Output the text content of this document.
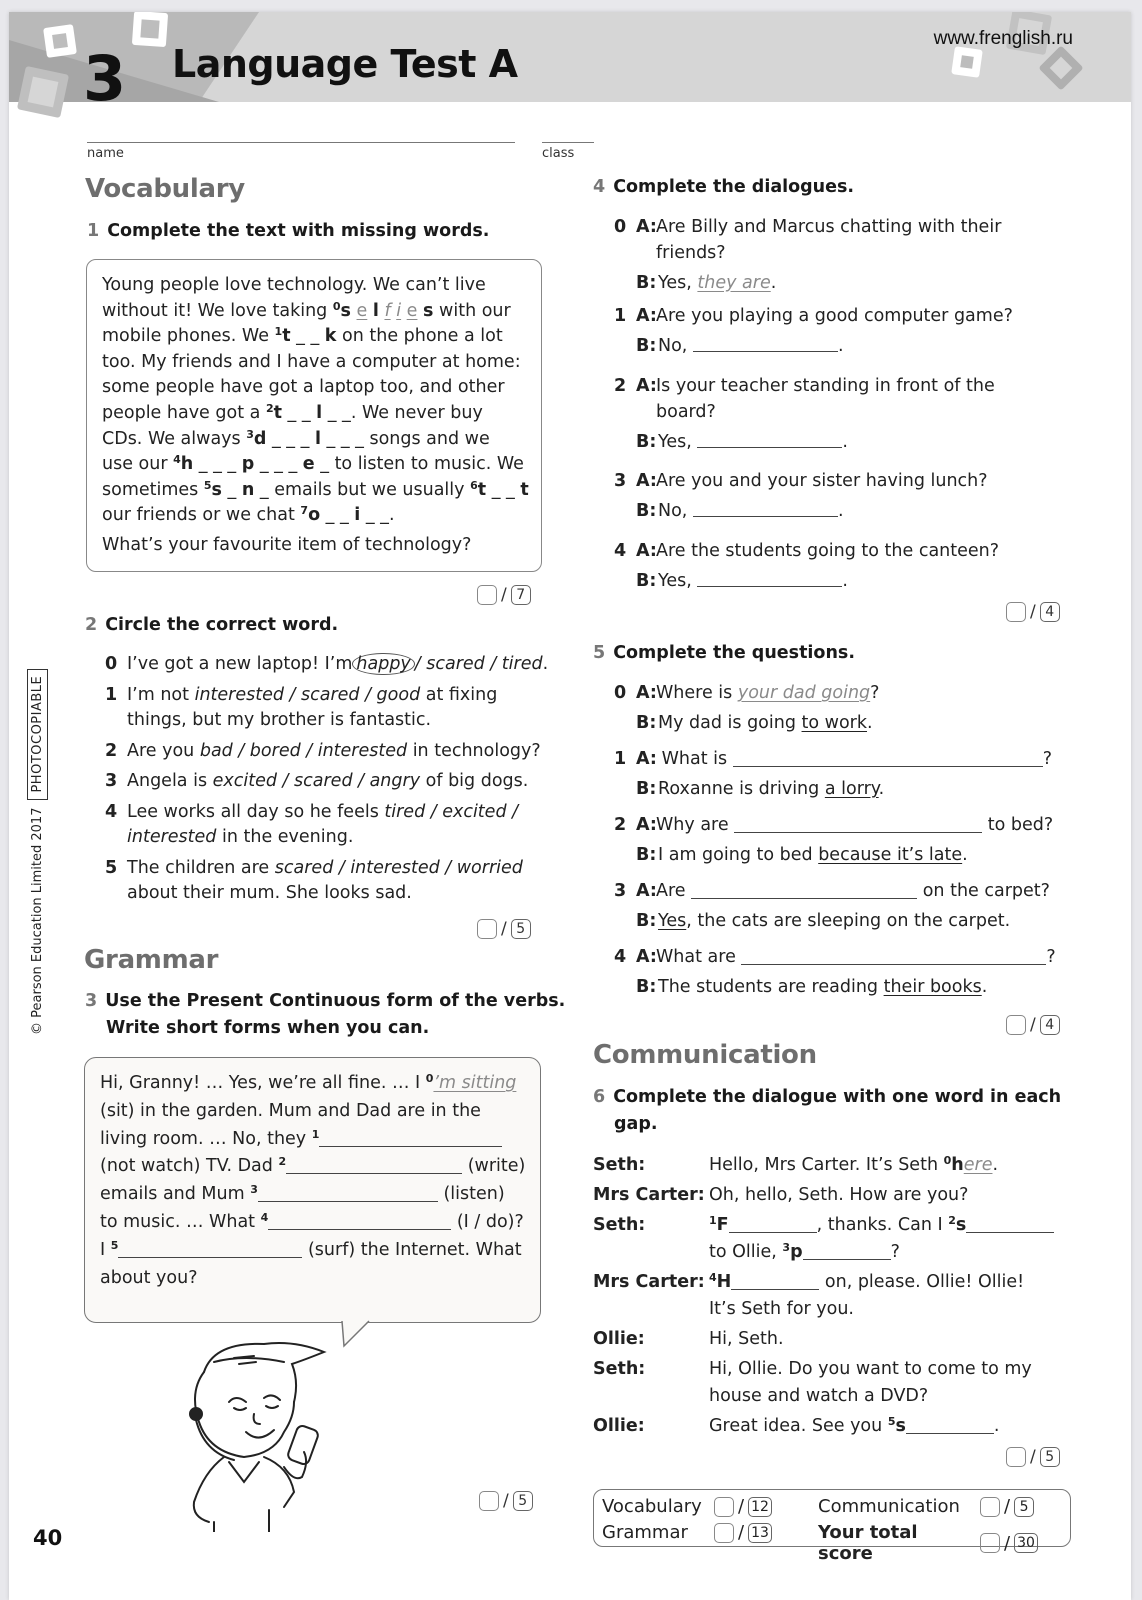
3 Language Test A
www.frenglish.ru
© Pearson Education Limited 2017
PHOTOCOPIABLE
name	class
Vocabulary
1 Complete the text with missing words.
Young people love technology. We can’t live
without it! We love taking $^0$s e l f i e s with our
mobile phones. We $^1$t _ _ k on the phone a lot
too. My friends and I have a computer at home:
some people have got a laptop too, and other
people have got a $^2$t _ _ l _ _. We never buy
CDs. We always $^3$d _ _ _ l _ _ _ songs and we
use our $^4$h _ _ _ p _ _ _ e _ to listen to music. We
sometimes $^5$s _ n _ emails but we usually $^6$t _ _ t
our friends or we chat $^7$o _ _ i _ _.
What’s your favourite item of technology?
/ 7
2 Circle the correct word.
0 I’ve got a new laptop! I’m happy / scared / tired.
1 I’m not interested / scared / good at fixing
things, but my brother is fantastic.
2 Are you bad / bored / interested in technology?
3 Angela is excited / scared / angry of big dogs.
4 Lee works all day so he feels tired / excited /
interested in the evening.
5 The children are scared / interested / worried
about their mum. She looks sad.
/ 5
Grammar
3 Use the Present Continuous form of the verbs.
Write short forms when you can.
Hi, Granny! … Yes, we’re all fine. … I $^0$’m sitting
(sit) in the garden. Mum and Dad are in the
living room. … No, they $^1$
(not watch) TV. Dad $^2$	(write)
emails and Mum $^3$	(listen)
to music. … What $^4$	(I / do)?
I $^5$	(surf) the Internet. What
about you?
/ 5
4 Complete the dialogues.
0 A: Are Billy and Marcus chatting with their
friends?
B: Yes,
they are .
1 A: Are you playing a good computer game?
B: No,
	.
2 A: Is your teacher standing in front of the
board?
B: Yes,
	.
3 A: Are you and your sister having lunch?
B: No,
	.
4 A: Are the students going to the canteen?
B: Yes,
	.
/ 4
5 Complete the questions.
0 A: Where is your dad going?
B: My dad is going to work.
1 A: What is	?
B: Roxanne is driving a lorry.
2 A: Why are	to bed?
B: I am going to bed because it’s late.
3 A: Are	on the carpet?
B: Yes, the cats are sleeping on the carpet.
4 A: What are	?
B: The students are reading their books.
/ 4
Communication
6 Complete the dialogue with one word in each
gap.
Seth:	Hello, Mrs Carter. It’s Seth $^0$here.
Mrs Carter: Oh, hello, Seth. How are you?
Seth:	$^1$F	, thanks. Can I $^2$s
to Ollie, $^3$p	?
Mrs Carter: $^4$H	on, please. Ollie! Ollie!
It’s Seth for you.
Ollie:	Hi, Seth.
Seth:	Hi, Ollie. Do you want to come to my
house and watch a DVD?
Ollie:	Great idea. See you $^5$s	.
/ 5
Vocabulary	/ 12
Grammar	/ 13
Communication	/ 5
Your total score	/ 30
40
